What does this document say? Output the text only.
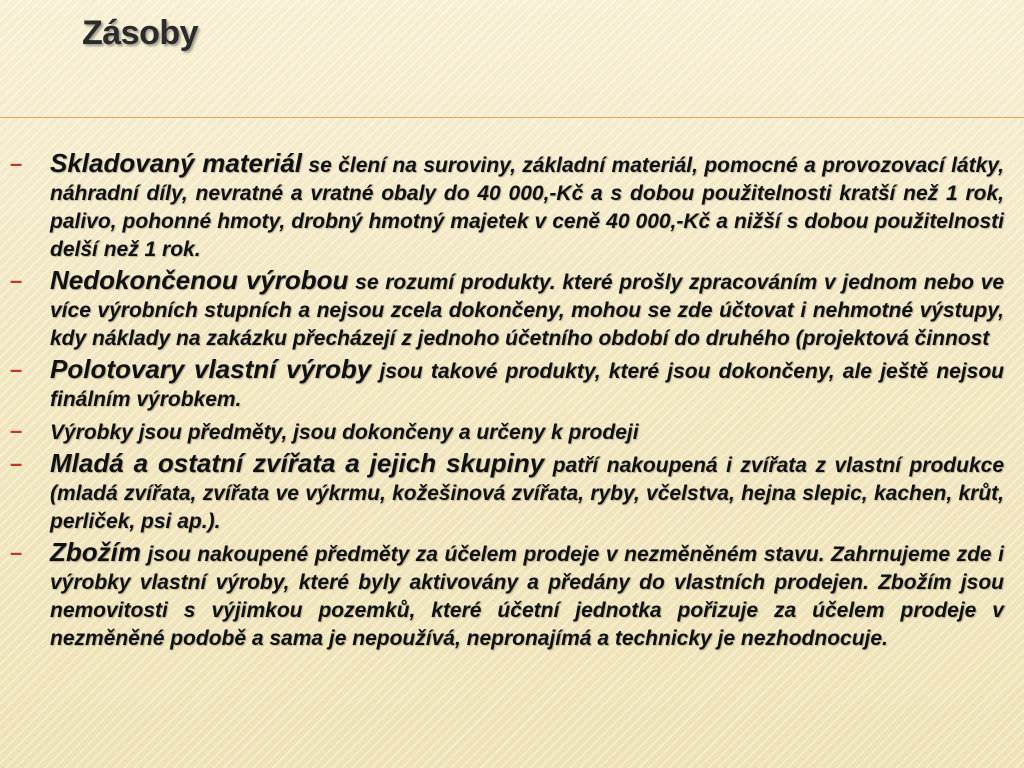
Zásoby
– Skladovaný materiál se člení na suroviny, základní materiál, pomocné a provozovací látky, náhradní díly, nevratné a vratné obaly do 40 000,-Kč a s dobou použitelnosti kratší než 1 rok, palivo, pohonné hmoty, drobný hmotný majetek v ceně 40 000,-Kč a nižší s dobou použitelnosti delší než 1 rok.
– Nedokončenou výrobou se rozumí produkty. které prošly zpracováním v jednom nebo ve více výrobních stupních a nejsou zcela dokončeny, mohou se zde účtovat i nehmotné výstupy, kdy náklady na zakázku přecházejí z jednoho účetního období do druhého (projektová činnost
– Polotovary vlastní výroby jsou takové produkty, které jsou dokončeny, ale ještě nejsou finálním výrobkem.
– Výrobky jsou předměty, jsou dokončeny a určeny k prodeji
– Mladá a ostatní zvířata a jejich skupiny patří nakoupená i zvířata z vlastní produkce (mladá zvířata, zvířata ve výkrmu, kožešinová zvířata, ryby, včelstva, hejna slepic, kachen, krůt, perliček, psi ap.).
– Zbožím jsou nakoupené předměty za účelem prodeje v nezměněném stavu. Zahrnujeme zde i výrobky vlastní výroby, které byly aktivovány a předány do vlastních prodejen. Zbožím jsou nemovitosti s výjimkou pozemků, které účetní jednotka pořizuje za účelem prodeje v nezměněné podobě a sama je nepoužívá, nepronajímá a technicky je nezhodnocuje.
